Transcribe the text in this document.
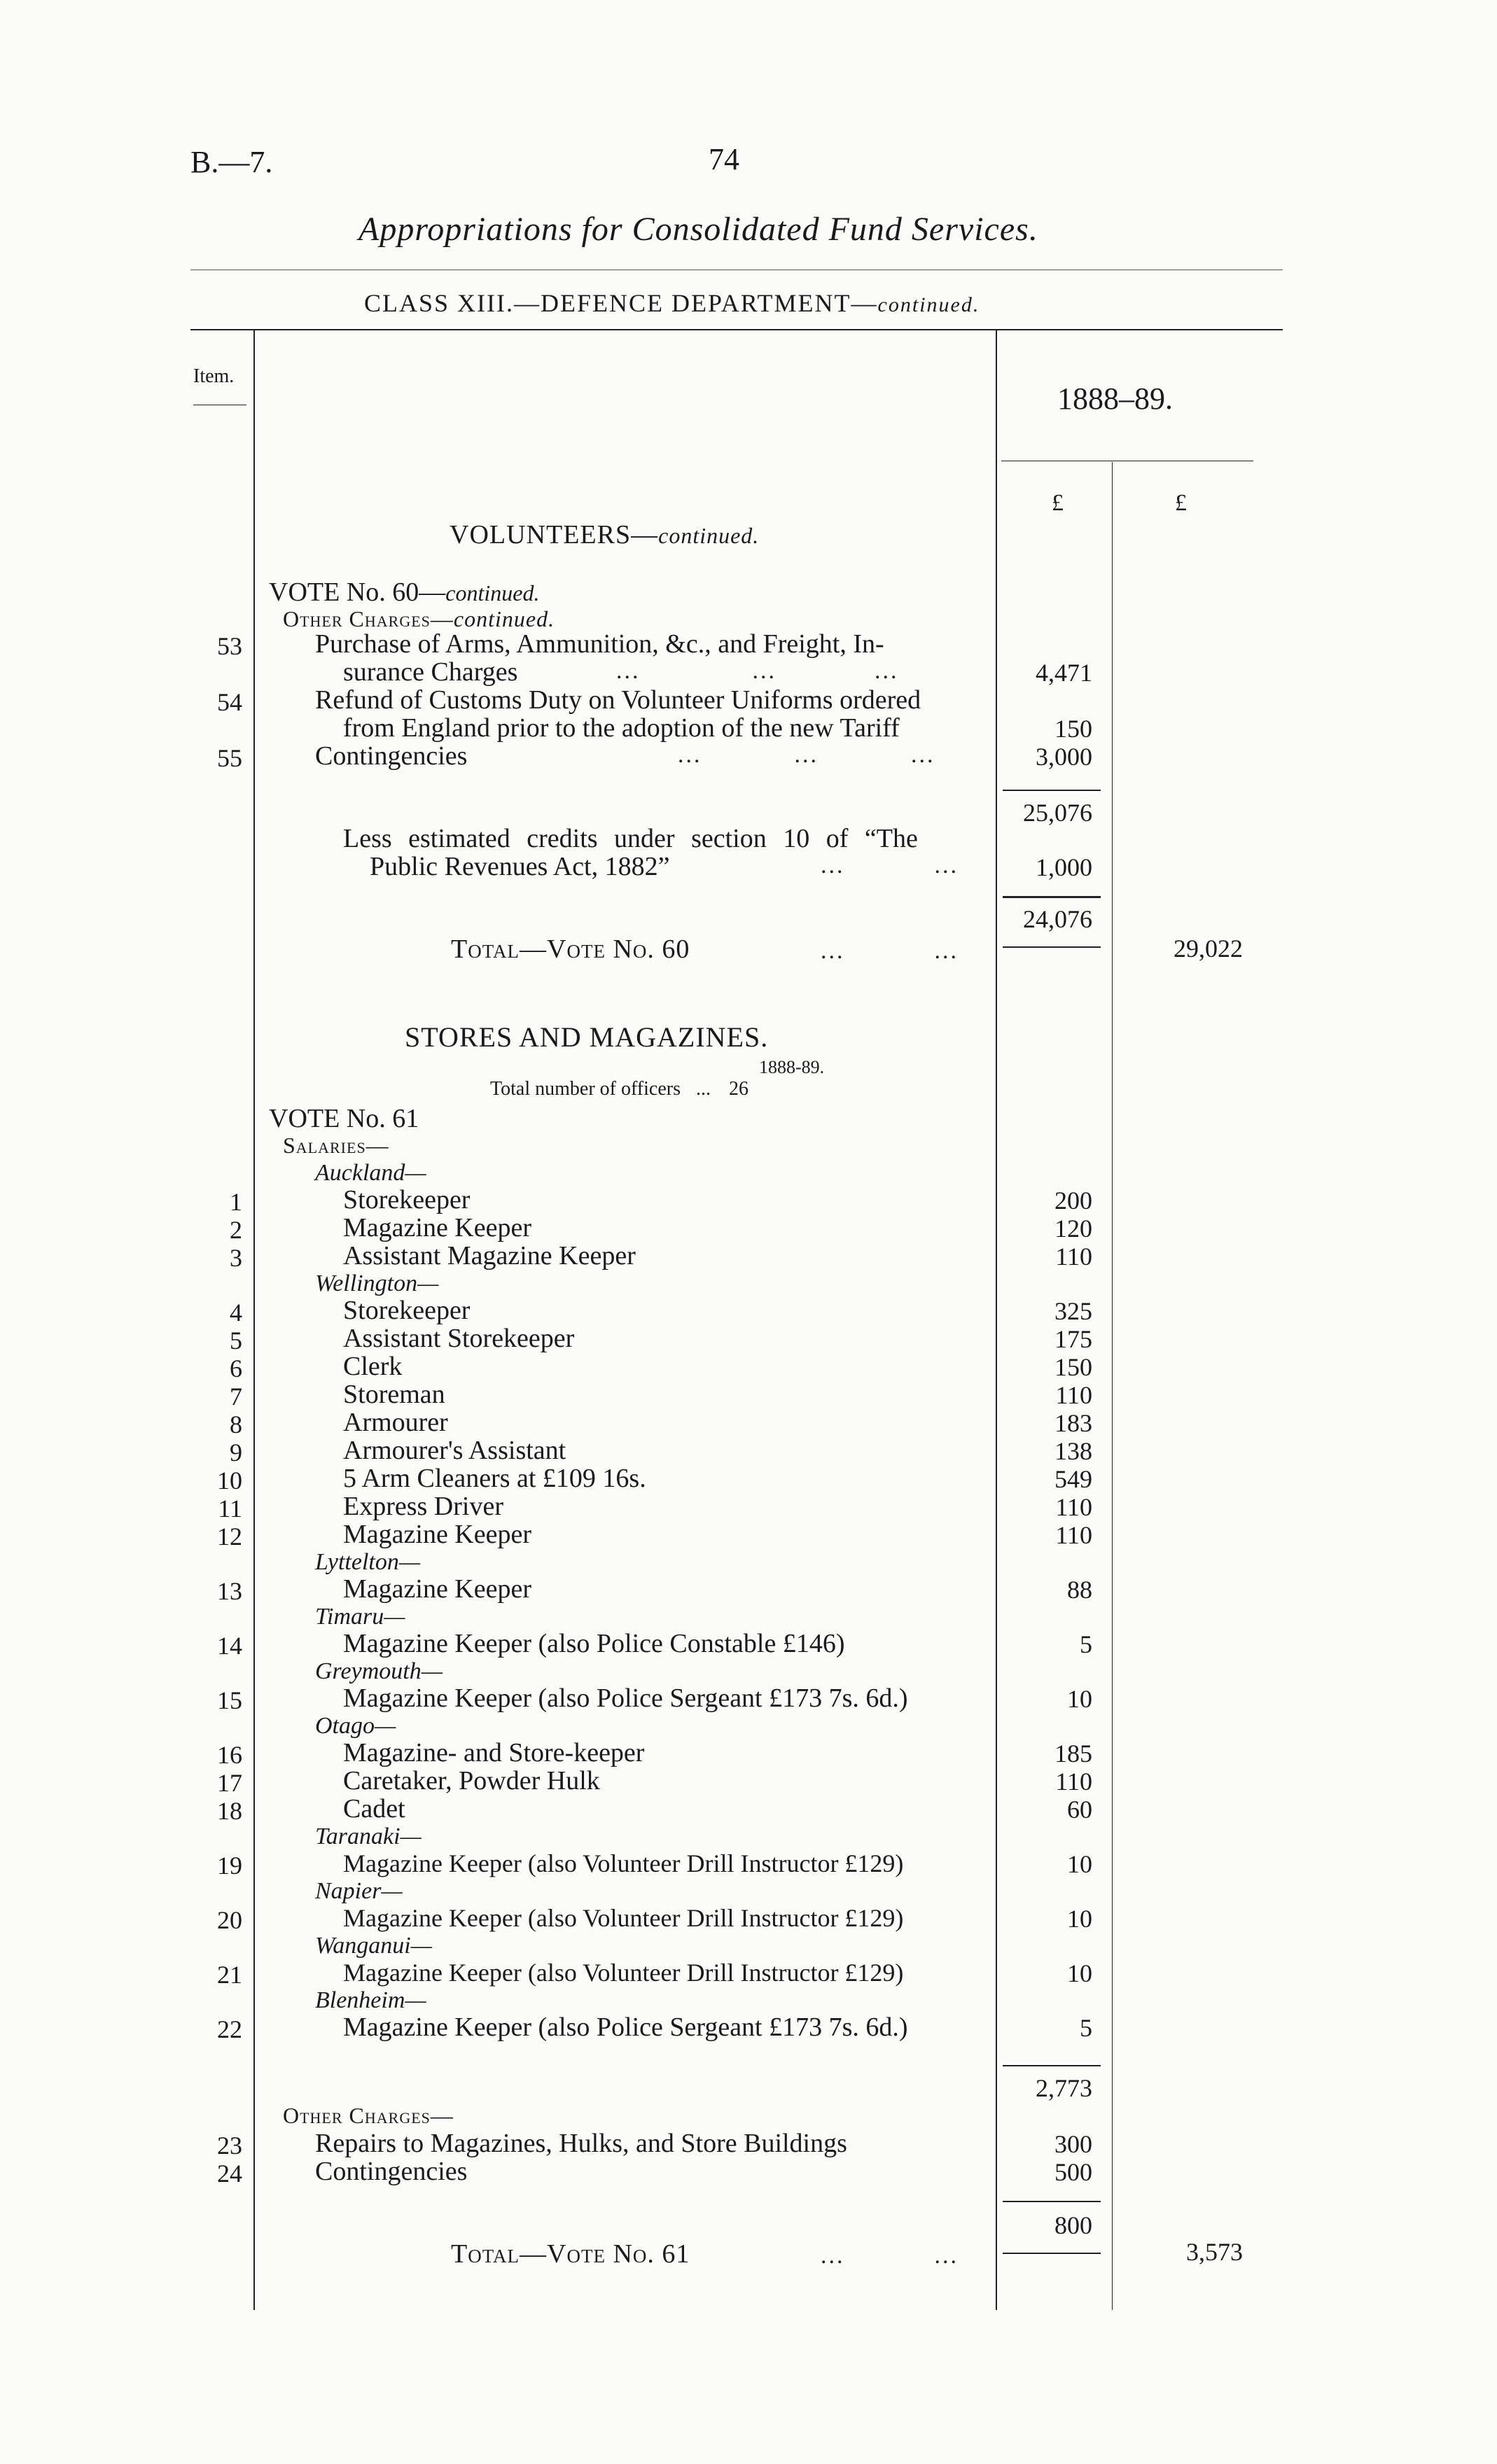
B.—7.	74
Appropriations for Consolidated Fund Services.
CLASS XIII.—DEFENCE DEPARTMENT—continued.
Item.
1888–89.
£	£
VOLUNTEERS—continued.
VOTE No. 60—continued.
Other Charges—continued.
53	Purchase of Arms, Ammunition, &c., and Freight, In-
surance Charges	...	...	...	4,471
54	Refund of Customs Duty on Volunteer Uniforms ordered
from England prior to the adoption of the new Tariff	150
55	Contingencies	...	...	...	3,000
25,076
Less estimated credits under section 10 of “The
Public Revenues Act, 1882”	...	...	1,000
24,076
Total—Vote No. 60	...	...	29,022
STORES AND MAGAZINES.
1888-89.
Total number of officers ... 26
VOTE No. 61
Salaries—
Auckland—
1	Storekeeper	200
2	Magazine Keeper	120
3	Assistant Magazine Keeper	110
Wellington—
4	Storekeeper	325
5	Assistant Storekeeper	175
6	Clerk	150
7	Storeman	110
8	Armourer	183
9	Armourer's Assistant	138
10	5 Arm Cleaners at £109 16s.	549
11	Express Driver	110
12	Magazine Keeper	110
Lyttelton—
13	Magazine Keeper	88
Timaru—
14	Magazine Keeper (also Police Constable £146)	5
Greymouth—
15	Magazine Keeper (also Police Sergeant £173 7s. 6d.)	10
Otago—
16	Magazine- and Store-keeper	185
17	Caretaker, Powder Hulk	110
18	Cadet	60
Taranaki—
19	Magazine Keeper (also Volunteer Drill Instructor £129)	10
Napier—
20	Magazine Keeper (also Volunteer Drill Instructor £129)	10
Wanganui—
21	Magazine Keeper (also Volunteer Drill Instructor £129)	10
Blenheim—
22	Magazine Keeper (also Police Sergeant £173 7s. 6d.)	5
2,773
Other Charges—
23	Repairs to Magazines, Hulks, and Store Buildings	300
24	Contingencies	500
800
Total—Vote No. 61	...	...	3,573
